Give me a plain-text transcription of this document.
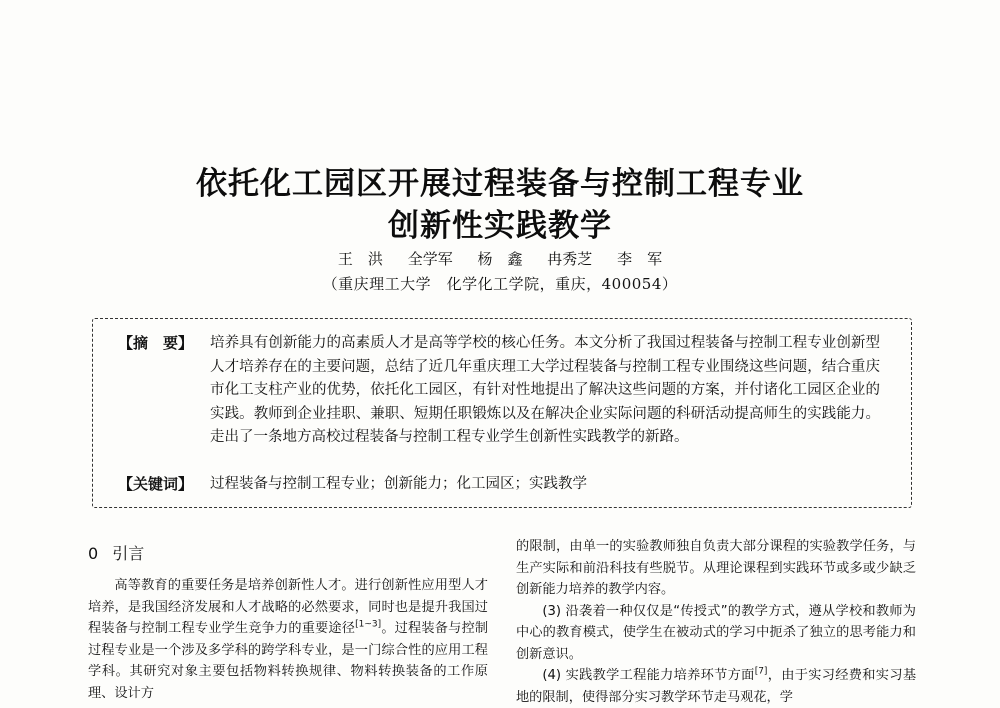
依托化工园区开展过程装备与控制工程专业
创新性实践教学
王　洪 全学军 杨　鑫 冉秀芝 李　军
（重庆理工大学　化学化工学院，重庆，400054）
【摘　要】 培养具有创新能力的高素质人才是高等学校的核心任务。本文分析了我国过程装备与控制工程专业创新型人才培养存在的主要问题，总结了近几年重庆理工大学过程装备与控制工程专业围绕这些问题，结合重庆市化工支柱产业的优势，依托化工园区，有针对性地提出了解决这些问题的方案，并付诸化工园区企业的实践。教师到企业挂职、兼职、短期任职锻炼以及在解决企业实际问题的科研活动提高师生的实践能力。走出了一条地方高校过程装备与控制工程专业学生创新性实践教学的新路。
【关键词】 过程装备与控制工程专业；创新能力；化工园区；实践教学
0 引言

高等教育的重要任务是培养创新性人才。进行创新性应用型人才培养，是我国经济发展和人才战略的必然要求，同时也是提升我国过程装备与控制工程专业学生竞争力的重要途径[1~3]。过程装备与控制过程专业是一个涉及多学科的跨学科专业，是一门综合性的应用工程学科。其研究对象主要包括物料转换规律、物料转换装备的工作原理、设计方

的限制，由单一的实验教师独自负责大部分课程的实验教学任务，与生产实际和前沿科技有些脱节。从理论课程到实践环节或多或少缺乏创新能力培养的教学内容。

(3) 沿袭着一种仅仅是“传授式”的教学方式，遵从学校和教师为中心的教育模式，使学生在被动式的学习中扼杀了独立的思考能力和创新意识。

(4) 实践教学工程能力培养环节方面[7]，由于实习经费和实习基地的限制，使得部分实习教学环节走马观花，学
